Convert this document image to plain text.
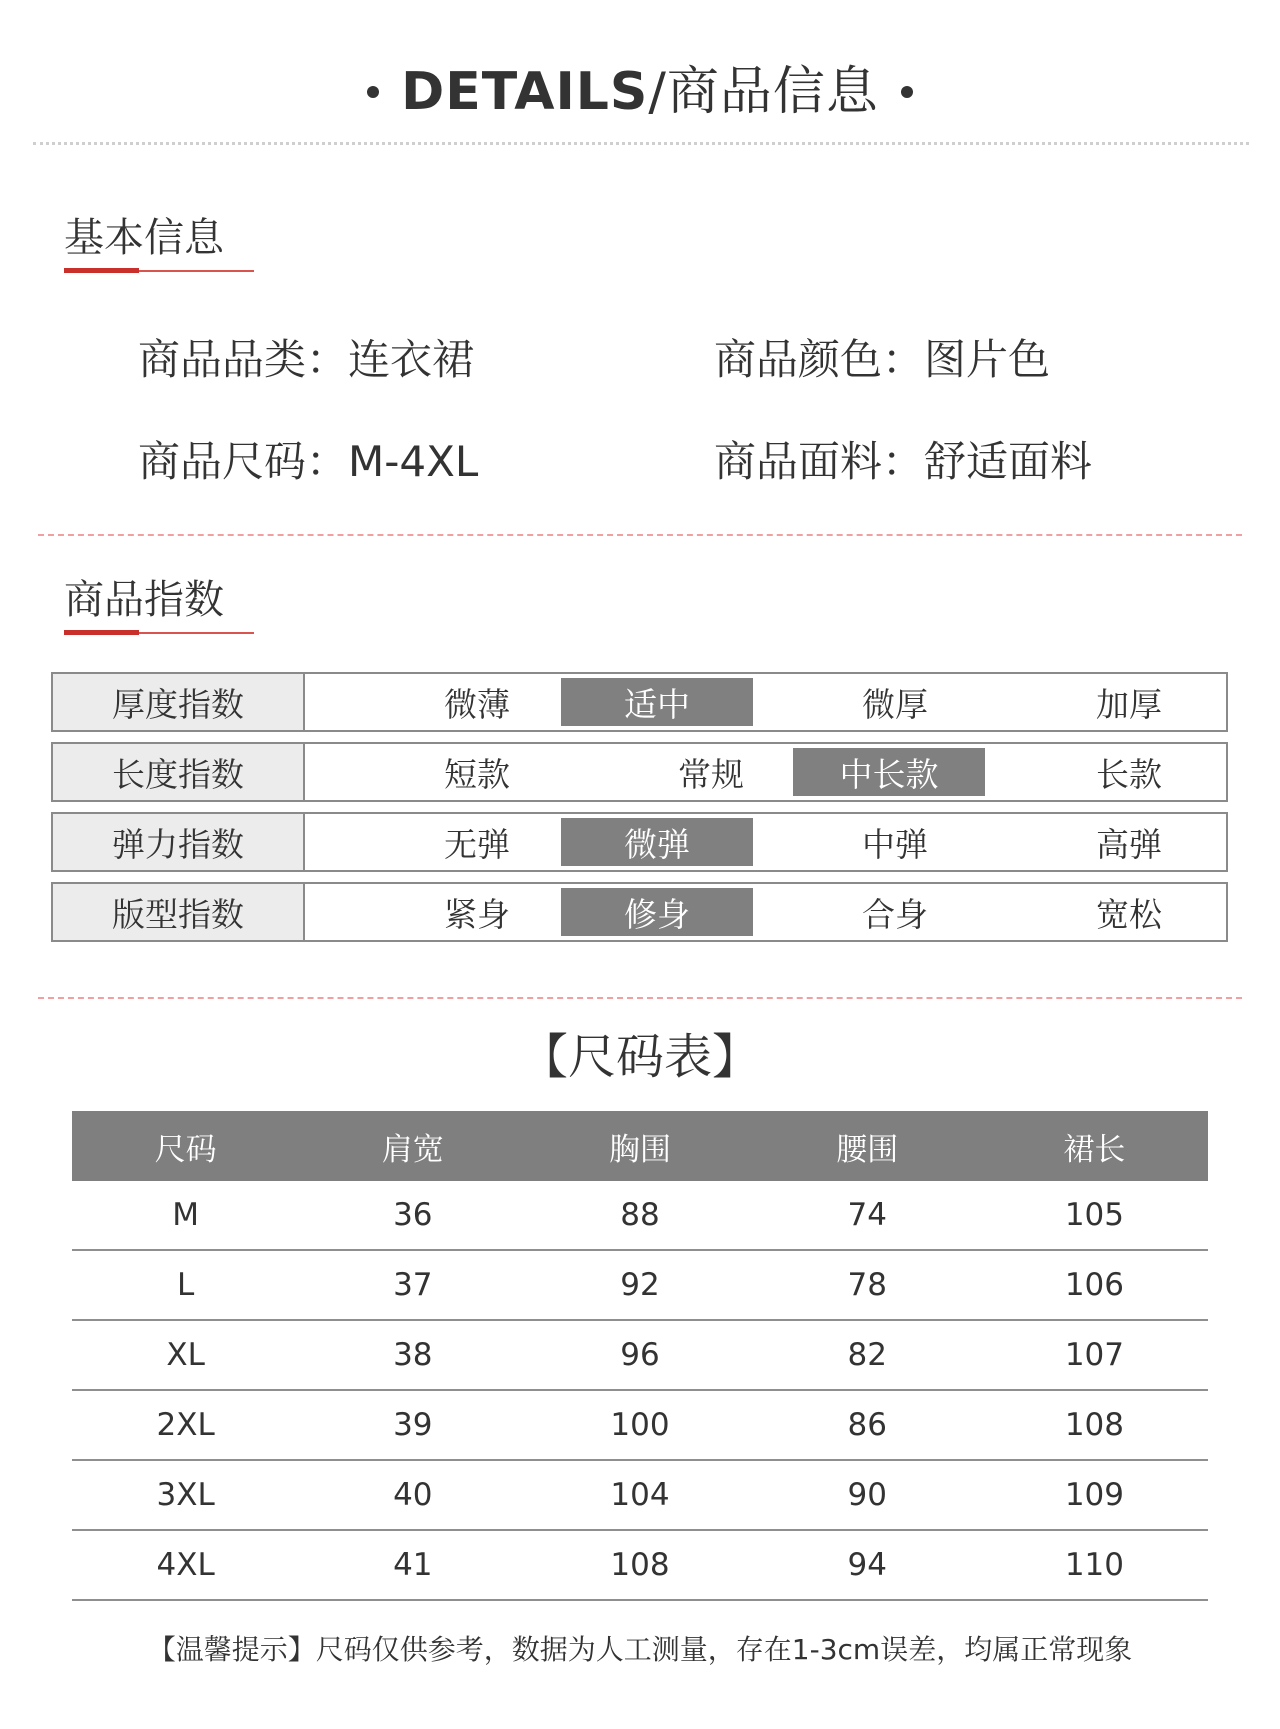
DETAILS/商品信息
基本信息
商品品类：连衣裙	商品颜色：图片色
商品尺码：M-4XL	商品面料：舒适面料
商品指数
厚度指数	微薄	适中	微厚	加厚
长度指数	短款	常规	中长款	长款
弹力指数	无弹	微弹	中弹	高弹
版型指数	紧身	修身	合身	宽松
【尺码表】
尺码	肩宽	胸围	腰围	裙长
M	36	88	74	105
L	37	92	78	106
XL	38	96	82	107
2XL	39	100	86	108
3XL	40	104	90	109
4XL	41	108	94	110
【温馨提示】尺码仅供参考，数据为人工测量，存在1-3cm误差，均属正常现象
